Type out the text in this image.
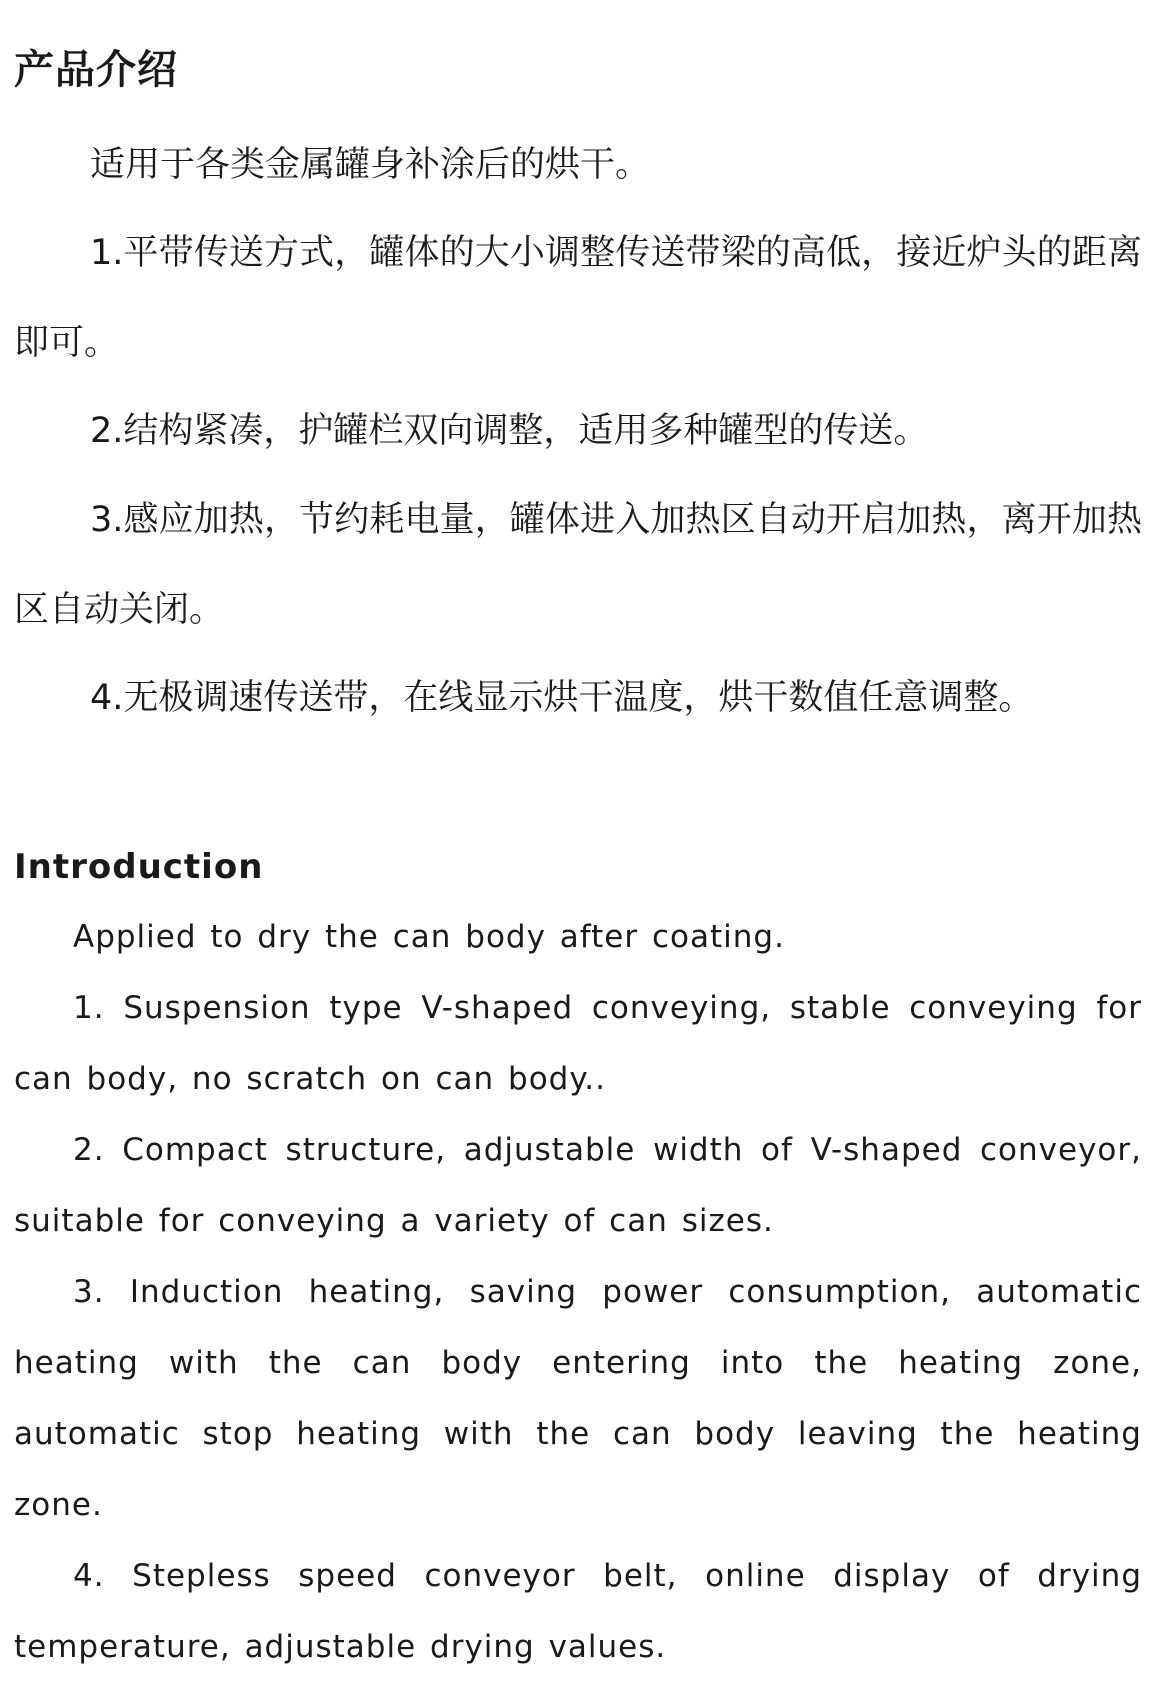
产品介绍

适用于各类金属罐身补涂后的烘干。

1.平带传送方式，罐体的大小调整传送带梁的高低，接近炉头的距离即可。

2.结构紧凑，护罐栏双向调整，适用多种罐型的传送。

3.感应加热，节约耗电量，罐体进入加热区自动开启加热，离开加热区自动关闭。

4.无极调速传送带，在线显示烘干温度，烘干数值任意调整。

Introduction

Applied to dry the can body after coating.

1. Suspension type V-shaped conveying, stable conveying for can body, no scratch on can body..

2. Compact structure, adjustable width of V-shaped conveyor, suitable for conveying a variety of can sizes.

3. Induction heating, saving power consumption, automatic heating with the can body entering into the heating zone, automatic stop heating with the can body leaving the heating zone.

4. Stepless speed conveyor belt, online display of drying temperature, adjustable drying values.
